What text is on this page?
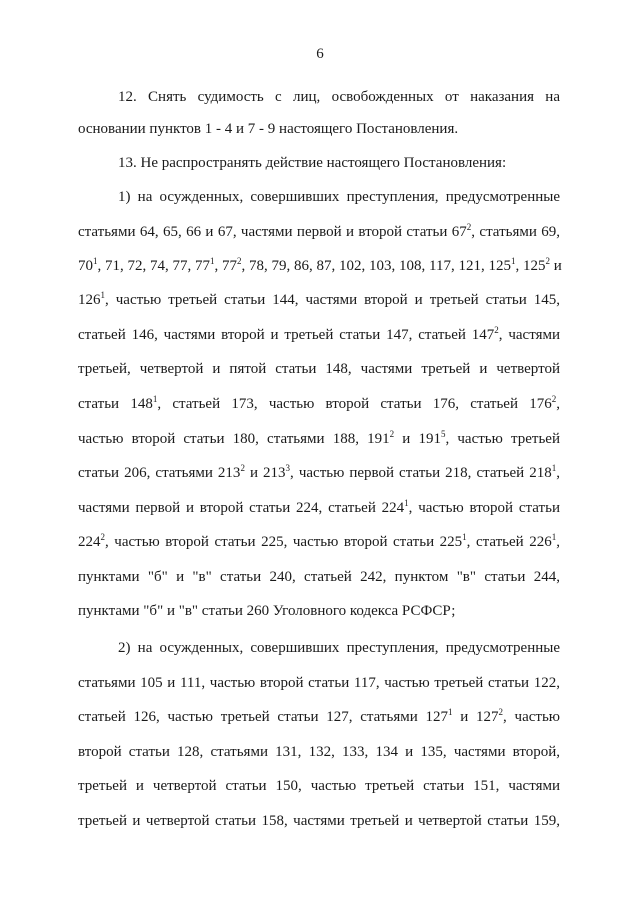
6
12. Снять судимость с лиц, освобожденных от наказания на
основании пунктов 1 - 4 и 7 - 9 настоящего Постановления.
13. Не распространять действие настоящего Постановления:
1) на осужденных, совершивших преступления, предусмотренные
статьями 64, 65, 66 и 67, частями первой и второй статьи $67^2$, статьями 69,
$70^1$, 71, 72, 74, 77, $77^1$, $77^2$, 78, 79, 86, 87, 102, 103, 108, 117, 121, $125^1$, $125^2$ и
$126^1$, частью третьей статьи 144, частями второй и третьей статьи 145,
статьей 146, частями второй и третьей статьи 147, статьей $147^2$, частями
третьей, четвертой и пятой статьи 148, частями третьей и четвертой
статьи $148^1$, статьей 173, частью второй статьи 176, статьей $176^2$,
частью второй статьи 180, статьями 188, $191^2$ и $191^5$, частью третьей
статьи 206, статьями $213^2$ и $213^3$, частью первой статьи 218, статьей $218^1$,
частями первой и второй статьи 224, статьей $224^1$, частью второй статьи
$224^2$, частью второй статьи 225, частью второй статьи $225^1$, статьей $226^1$,
пунктами "б" и "в" статьи 240, статьей 242, пунктом "в" статьи 244,
пунктами "б" и "в" статьи 260 Уголовного кодекса РСФСР;
2) на осужденных, совершивших преступления, предусмотренные
статьями 105 и 111, частью второй статьи 117, частью третьей статьи 122,
статьей 126, частью третьей статьи 127, статьями $127^1$ и $127^2$, частью
второй статьи 128, статьями 131, 132, 133, 134 и 135, частями второй,
третьей и четвертой статьи 150, частью третьей статьи 151, частями
третьей и четвертой статьи 158, частями третьей и четвертой статьи 159,
